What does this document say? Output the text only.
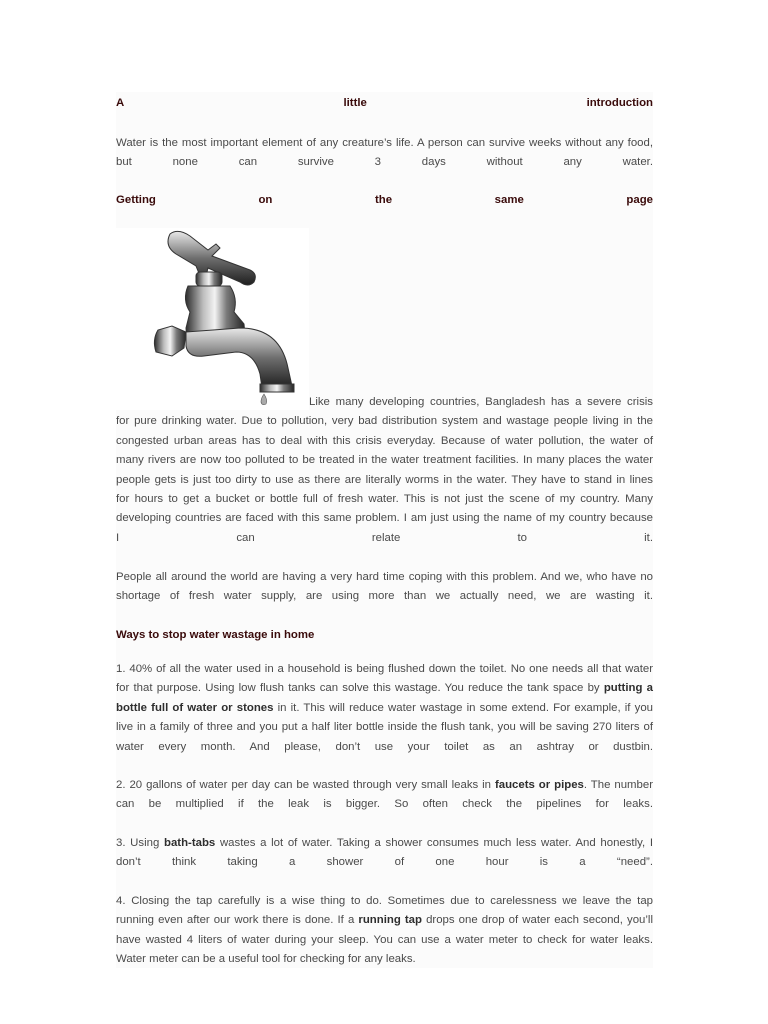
A little introduction
Water is the most important element of any creature’s life. A person can survive weeks without any food,
but none can survive 3 days without any water.
Getting on the same page
Like many developing countries, Bangladesh has a severe crisis
for pure drinking water. Due to pollution, very bad distribution system and wastage people living in the
congested urban areas has to deal with this crisis everyday. Because of water pollution, the water of
many rivers are now too polluted to be treated in the water treatment facilities. In many places the water
people gets is just too dirty to use as there are literally worms in the water. They have to stand in lines
for hours to get a bucket or bottle full of fresh water. This is not just the scene of my country. Many
developing countries are faced with this same problem. I am just using the name of my country because
I can relate to it.
People all around the world are having a very hard time coping with this problem. And we, who have no
shortage of fresh water supply, are using more than we actually need, we are wasting it.
Ways to stop water wastage in home
1. 40% of all the water used in a household is being flushed down the toilet. No one needs all that water
for that purpose. Using low flush tanks can solve this wastage. You reduce the tank space by putting a
bottle full of water or stones in it. This will reduce water wastage in some extend. For example, if you
live in a family of three and you put a half liter bottle inside the flush tank, you will be saving 270 liters of
water every month. And please, don’t use your toilet as an ashtray or dustbin.
2. 20 gallons of water per day can be wasted through very small leaks in faucets or pipes. The number
can be multiplied if the leak is bigger. So often check the pipelines for leaks.
3. Using bath-tabs wastes a lot of water. Taking a shower consumes much less water. And honestly, I
don’t think taking a shower of one hour is a “need”.
4. Closing the tap carefully is a wise thing to do. Sometimes due to carelessness we leave the tap
running even after our work there is done. If a running tap drops one drop of water each second, you’ll
have wasted 4 liters of water during your sleep. You can use a water meter to check for water leaks.
Water meter can be a useful tool for checking for any leaks.
